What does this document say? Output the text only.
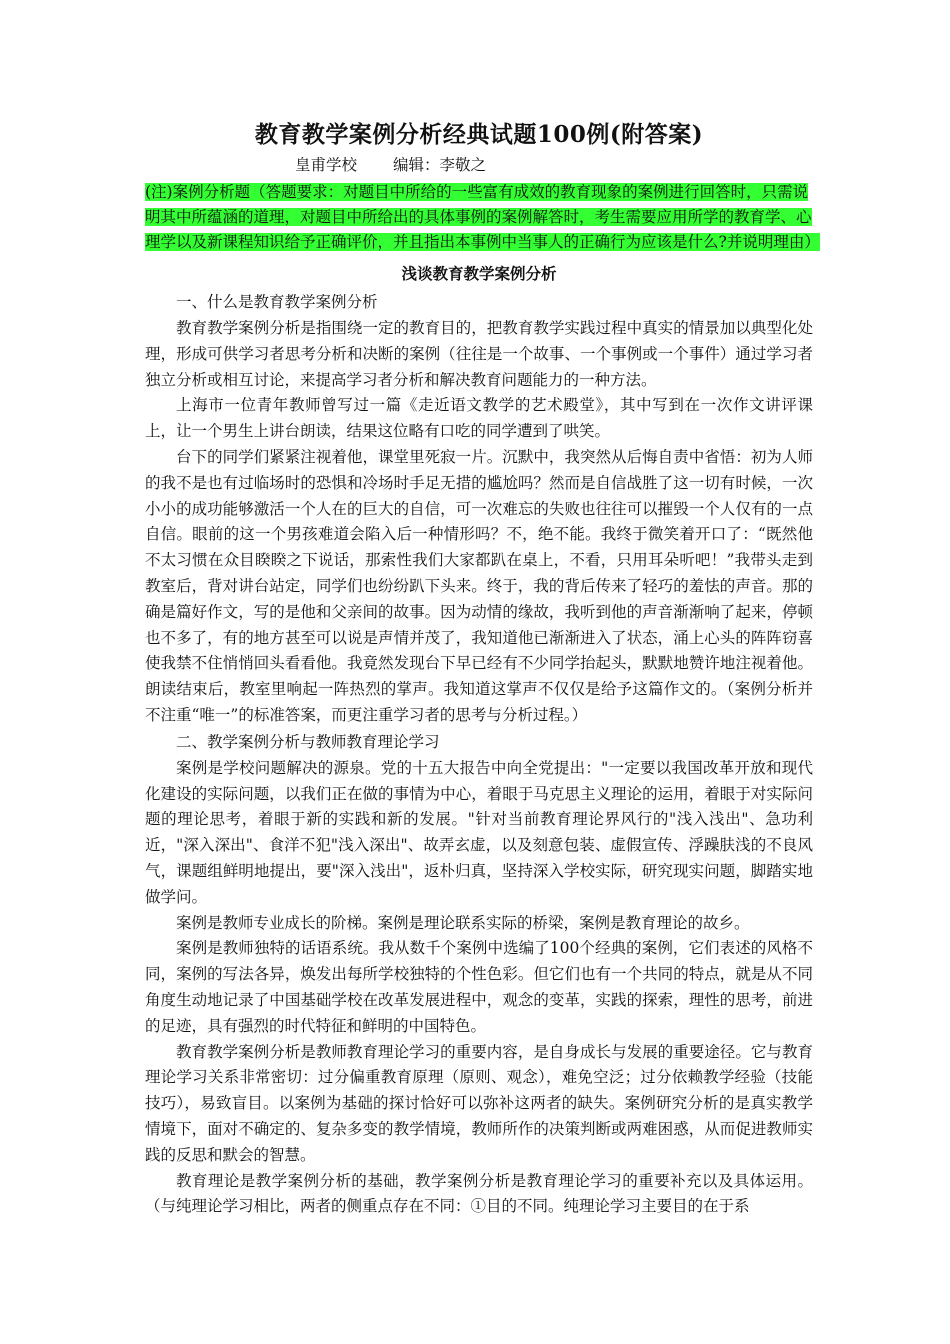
教育教学案例分析经典试题100例(附答案)

皇甫学校 编辑：李敬之

(注)案例分析题（答题要求：对题目中所给的一些富有成效的教育现象的案例进行回答时，只需说明其中所蕴涵的道理，对题目中所给出的具体事例的案例解答时，考生需要应用所学的教育学、心理学以及新课程知识给予正确评价，并且指出本事例中当事人的正确行为应该是什么?并说明理由）

浅谈教育教学案例分析

一、什么是教育教学案例分析

教育教学案例分析是指围绕一定的教育目的，把教育教学实践过程中真实的情景加以典型化处理，形成可供学习者思考分析和决断的案例（往往是一个故事、一个事例或一个事件）通过学习者独立分析或相互讨论，来提高学习者分析和解决教育问题能力的一种方法。

上海市一位青年教师曾写过一篇《走近语文教学的艺术殿堂》，其中写到在一次作文讲评课上，让一个男生上讲台朗读，结果这位略有口吃的同学遭到了哄笑。

台下的同学们紧紧注视着他，课堂里死寂一片。沉默中，我突然从后悔自责中省悟：初为人师的我不是也有过临场时的恐惧和冷场时手足无措的尴尬吗？然而是自信战胜了这一切有时候，一次小小的成功能够激活一个人在的巨大的自信，可一次难忘的失败也往往可以摧毁一个人仅有的一点自信。眼前的这一个男孩难道会陷入后一种情形吗？不，绝不能。我终于微笑着开口了：“既然他不太习惯在众目睽睽之下说话，那索性我们大家都趴在桌上，不看，只用耳朵听吧！”我带头走到教室后，背对讲台站定，同学们也纷纷趴下头来。终于，我的背后传来了轻巧的羞怯的声音。那的确是篇好作文，写的是他和父亲间的故事。因为动情的缘故，我听到他的声音渐渐响了起来，停顿也不多了，有的地方甚至可以说是声情并茂了，我知道他已渐渐进入了状态，涌上心头的阵阵窃喜使我禁不住悄悄回头看看他。我竟然发现台下早已经有不少同学抬起头，默默地赞许地注视着他。朗读结束后，教室里响起一阵热烈的掌声。我知道这掌声不仅仅是给予这篇作文的。（案例分析并不注重“唯一”的标准答案，而更注重学习者的思考与分析过程。）

二、教学案例分析与教师教育理论学习

案例是学校问题解决的源泉。党的十五大报告中向全党提出："一定要以我国改革开放和现代化建设的实际问题，以我们正在做的事情为中心，着眼于马克思主义理论的运用，着眼于对实际问题的理论思考，着眼于新的实践和新的发展。"针对当前教育理论界风行的"浅入浅出"、急功利近，"深入深出"、食洋不犯"浅入深出"、故弄玄虚，以及刻意包装、虚假宣传、浮躁肤浅的不良风气，课题组鲜明地提出，要"深入浅出"，返朴归真，坚持深入学校实际，研究现实问题，脚踏实地做学问。

案例是教师专业成长的阶梯。案例是理论联系实际的桥梁，案例是教育理论的故乡。

案例是教师独特的话语系统。我从数千个案例中选编了100个经典的案例，它们表述的风格不同，案例的写法各异，焕发出每所学校独特的个性色彩。但它们也有一个共同的特点，就是从不同角度生动地记录了中国基础学校在改革发展进程中，观念的变革，实践的探索，理性的思考，前进的足迹，具有强烈的时代特征和鲜明的中国特色。

教育教学案例分析是教师教育理论学习的重要内容，是自身成长与发展的重要途径。它与教育理论学习关系非常密切：过分偏重教育原理（原则、观念），难免空泛；过分依赖教学经验（技能技巧），易致盲目。以案例为基础的探讨恰好可以弥补这两者的缺失。案例研究分析的是真实教学情境下，面对不确定的、复杂多变的教学情境，教师所作的决策判断或两难困惑，从而促进教师实践的反思和默会的智慧。

教育理论是教学案例分析的基础，教学案例分析是教育理论学习的重要补充以及具体运用。（与纯理论学习相比，两者的侧重点存在不同：①目的不同。纯理论学习主要目的在于系
